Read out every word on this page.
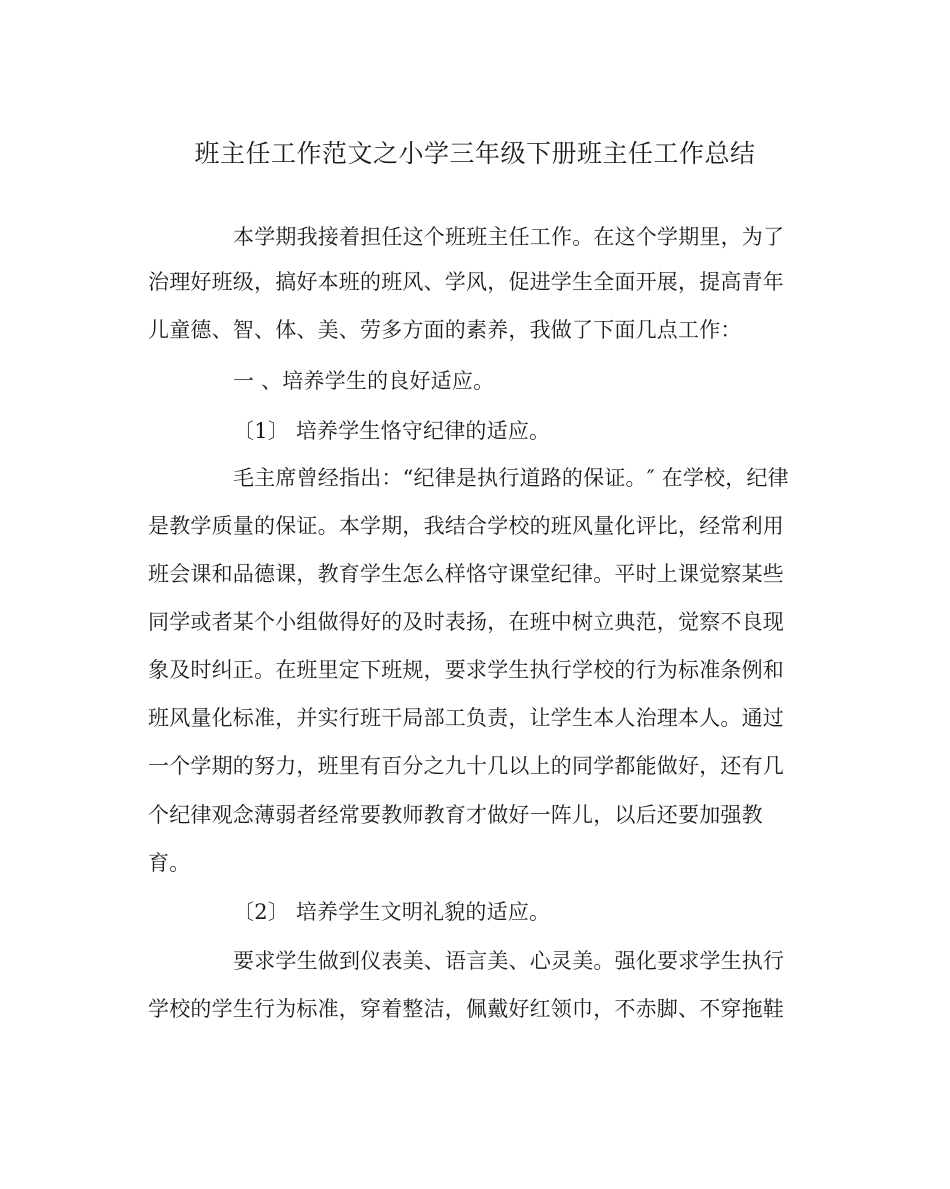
班主任工作范文之小学三年级下册班主任工作总结
本学期我接着担任这个班班主任工作。在这个学期里，为了
治理好班级，搞好本班的班风、学风，促进学生全面开展，提高青年
儿童德、智、体、美、劳多方面的素养，我做了下面几点工作：
一 、培养学生的良好适应。
〔1〕 培养学生恪守纪律的适应。
毛主席曾经指出：“纪律是执行道路的保证。″ 在学校，纪律
是教学质量的保证。本学期，我结合学校的班风量化评比，经常利用
班会课和品德课，教育学生怎么样恪守课堂纪律。平时上课觉察某些
同学或者某个小组做得好的及时表扬，在班中树立典范，觉察不良现
象及时纠正。在班里定下班规，要求学生执行学校的行为标准条例和
班风量化标准，并实行班干局部工负责，让学生本人治理本人。通过
一个学期的努力，班里有百分之九十几以上的同学都能做好，还有几
个纪律观念薄弱者经常要教师教育才做好一阵儿，以后还要加强教
育。
〔2〕 培养学生文明礼貌的适应。
要求学生做到仪表美、语言美、心灵美。强化要求学生执行
学校的学生行为标准，穿着整洁，佩戴好红领巾，不赤脚、不穿拖鞋
